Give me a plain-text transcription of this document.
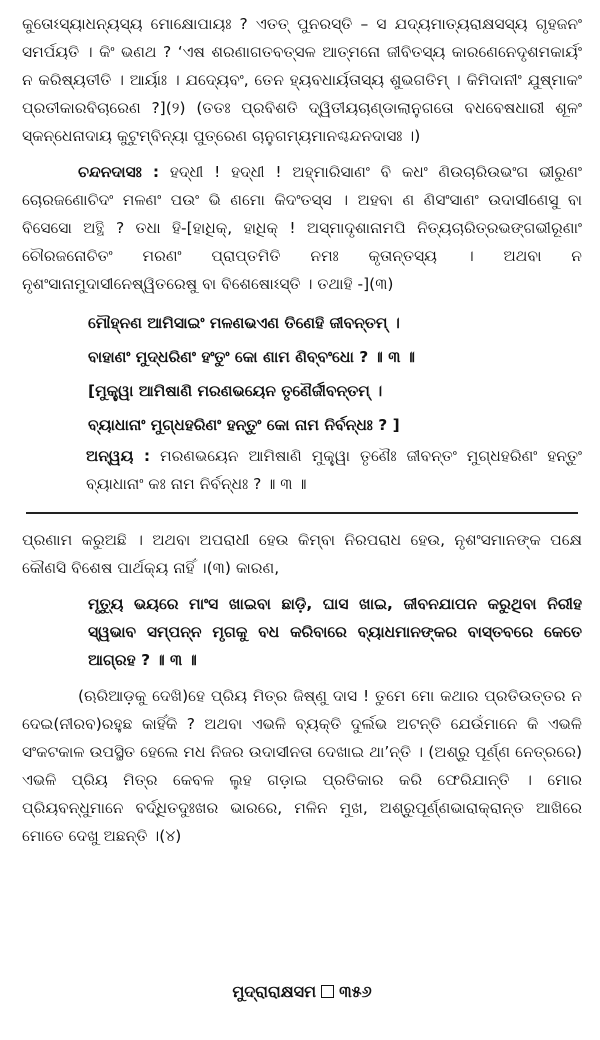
କୁତୋଽସ୍ୟାଧନ୍ୟସ୍ୟ ମୋକ୍ଷୋପାୟଃ ? ଏତତ୍ ପୁନରସ୍ତି – ସ ଯଦ୍ୟମାତ୍ୟରାକ୍ଷସସ୍ୟ ଗୃହଜନଂ ସମର୍ପୟତି । କିଂ ଭଣଥ ? ‘ଏଷ ଶରଣାଗତବତ୍ସଳ ଆତ୍ମନୋ ଜୀବିତସ୍ୟ କାରଣେନେଦୃଶମକାର୍ୟଂ ନ କରିଷ୍ୟତୀତି । ଆର୍ୟାଃ । ଯଦ୍ୟେବଂ, ତେନ ହ୍ୟବଧାର୍ୟତାସ୍ୟ ଶୁଭଗତିମ୍ । କିମିଦାନୀଂ ଯୁଷ୍ମାକଂ ପ୍ରତୀକାରବିଚାରେଣ ?](୨) (ତତଃ ପ୍ରବିଶତି ଦ୍ୱିତୀୟଚାଣ୍ଡାଲାନୁଗତୋ ବଧବେଷଧାରୀ ଶୂଳଂ ସ୍କନ୍ଧେନାଦାୟ କୁଟୁମ୍ବିନ୍ୟା ପୁତ୍ରେଣ ଚାନୁଗମ୍ୟମାନଶ୍ଚନ୍ଦନଦାସଃ ।)

ଚନ୍ଦନଦାସଃ : ହଦ୍ଧୀ ! ହଦ୍ଧୀ ! ଅହ୍ମାରିସାଣଂ ବି କଧଂ ଣିଉଚାରିଉଭଂଗ ଭୀରୁଣଂ ଚୋରଜଣୋଚିଦଂ ମଳଣଂ ପଉଂ ଭି ଣମୋ କିଦଂତସ୍ସ । ଅହବା ଣ ଣିସଂସାଣଂ ଉଦାସୀଣେସୁ ବା ବିସେସୋ ଅତ୍ଥି ? ତଧା ହି-[ହାଧିକ୍, ହାଧିକ୍ ! ଅସ୍ମାଦୃଶାନାମପି ନିତ୍ୟଚାରିତ୍ରଭଙ୍ଗଭୀରୂଣାଂ ଚୌରଜନୋଚିତଂ ମରଣଂ ପ୍ରାପ୍ତମିତି ନମଃ କୃତାନ୍ତସ୍ୟ । ଅଥବା ନ ନୃଶଂସାନାମୁଦାସୀନେଷ୍ୱିତରେଷୁ ବା ବିଶେଷୋଽସ୍ତି । ତଥାହି -](୩)

ମୌହ୍ନଣ ଆମିସାଇଂ ମଳଣଭଏଣ ତିଣେହି ଜୀବନ୍ତମ୍ ।
ବାହାଣଂ ମୁଦ୍ଧରିଣଂ ହଂତୁଂ କୋ ଣାମ ଣିବ୍ବଂଧୋ ? ॥ ୩ ॥
[ମୁକ୍ତ୍ୱା ଆମିଷାଣି ମରଣଭୟେନ ତୃଣୈର୍ଜୀବନ୍ତମ୍ ।
ବ୍ୟାଧାନାଂ ମୁଗ୍ଧହରିଣଂ ହନ୍ତୁଂ କୋ ନାମ ନିର୍ବନ୍ଧଃ ? ]

ଅନ୍ୱୟ : ମରଣଭୟେନ ଆମିଷାଣି ମୁକ୍ତ୍ୱା ତୃଣୈଃ ଜୀବନ୍ତଂ ମୁଗ୍ଧହରିଣଂ ହନ୍ତୁଂ ବ୍ୟାଧାନାଂ କଃ ନାମ ନିର୍ବନ୍ଧଃ ? ॥ ୩ ॥

ପ୍ରଣାମ କରୁଅଛି । ଅଥବା ଅପରାଧୀ ହେଉ କିମ୍ବା ନିରପରାଧ ହେଉ, ନୃଶଂସମାନଙ୍କ ପକ୍ଷେ କୌଣସି ବିଶେଷ ପାର୍ଥକ୍ୟ ନାହିଁ ।(୩) କାରଣ,

ମୃତ୍ୟୁ ଭୟରେ ମାଂସ ଖାଇବା ଛାଡ଼ି, ଘାସ ଖାଇ, ଜୀବନଯାପନ କରୁଥିବା ନିରୀହ ସ୍ୱଭାବ ସମ୍ପନ୍ନ ମୃଗକୁ ବଧ କରିବାରେ ବ୍ୟାଧମାନଙ୍କର ବାସ୍ତବରେ କେତେ ଆଗ୍ରହ ? ॥ ୩ ॥

(ଋରିଆଡ଼କୁ ଦେଖି)ହେ ପ୍ରିୟ ମିତ୍ର ଜିଷ୍ଣୁ ଦାସ ! ତୁମେ ମୋ କଥାର ପ୍ରତିଉତ୍ତର ନ ଦେଇ(ନୀରବ)ରହୁଛ କାହିଁକି ? ଅଥବା ଏଭଳି ବ୍ୟକ୍ତି ଦୁର୍ଲଭ ଅଟନ୍ତି ଯେଉଁମାନେ କି ଏଭଳି ସଂକଟକାଳ ଉପସ୍ଥିତ ହେଲେ ମଧ ନିଜର ଉଦାସୀନତା ଦେଖାଇ ଥା’ନ୍ତି । (ଅଶ୍ରୁ ପୂର୍ଣ୍ଣ ନେତ୍ରରେ) ଏଭଳି ପ୍ରିୟ ମିତ୍ର କେବଳ ଲୁହ ଗଡ଼ାଇ ପ୍ରତିକାର କରି ଫେରିଯାନ୍ତି । ମୋର ପ୍ରିୟବନ୍ଧୁମାନେ ବର୍ଦ୍ଧିତଦୁଃଖର ଭାରରେ, ମଳିନ ମୁଖ, ଅଶ୍ରୁପୂର୍ଣ୍ଣଭାରାକ୍ରାନ୍ତ ଆଖିରେ ମୋତେ ଦେଖୁ ଅଛନ୍ତି ।(୪)

ମୁଦ୍ରାରାକ୍ଷସମ ୩୫୬
